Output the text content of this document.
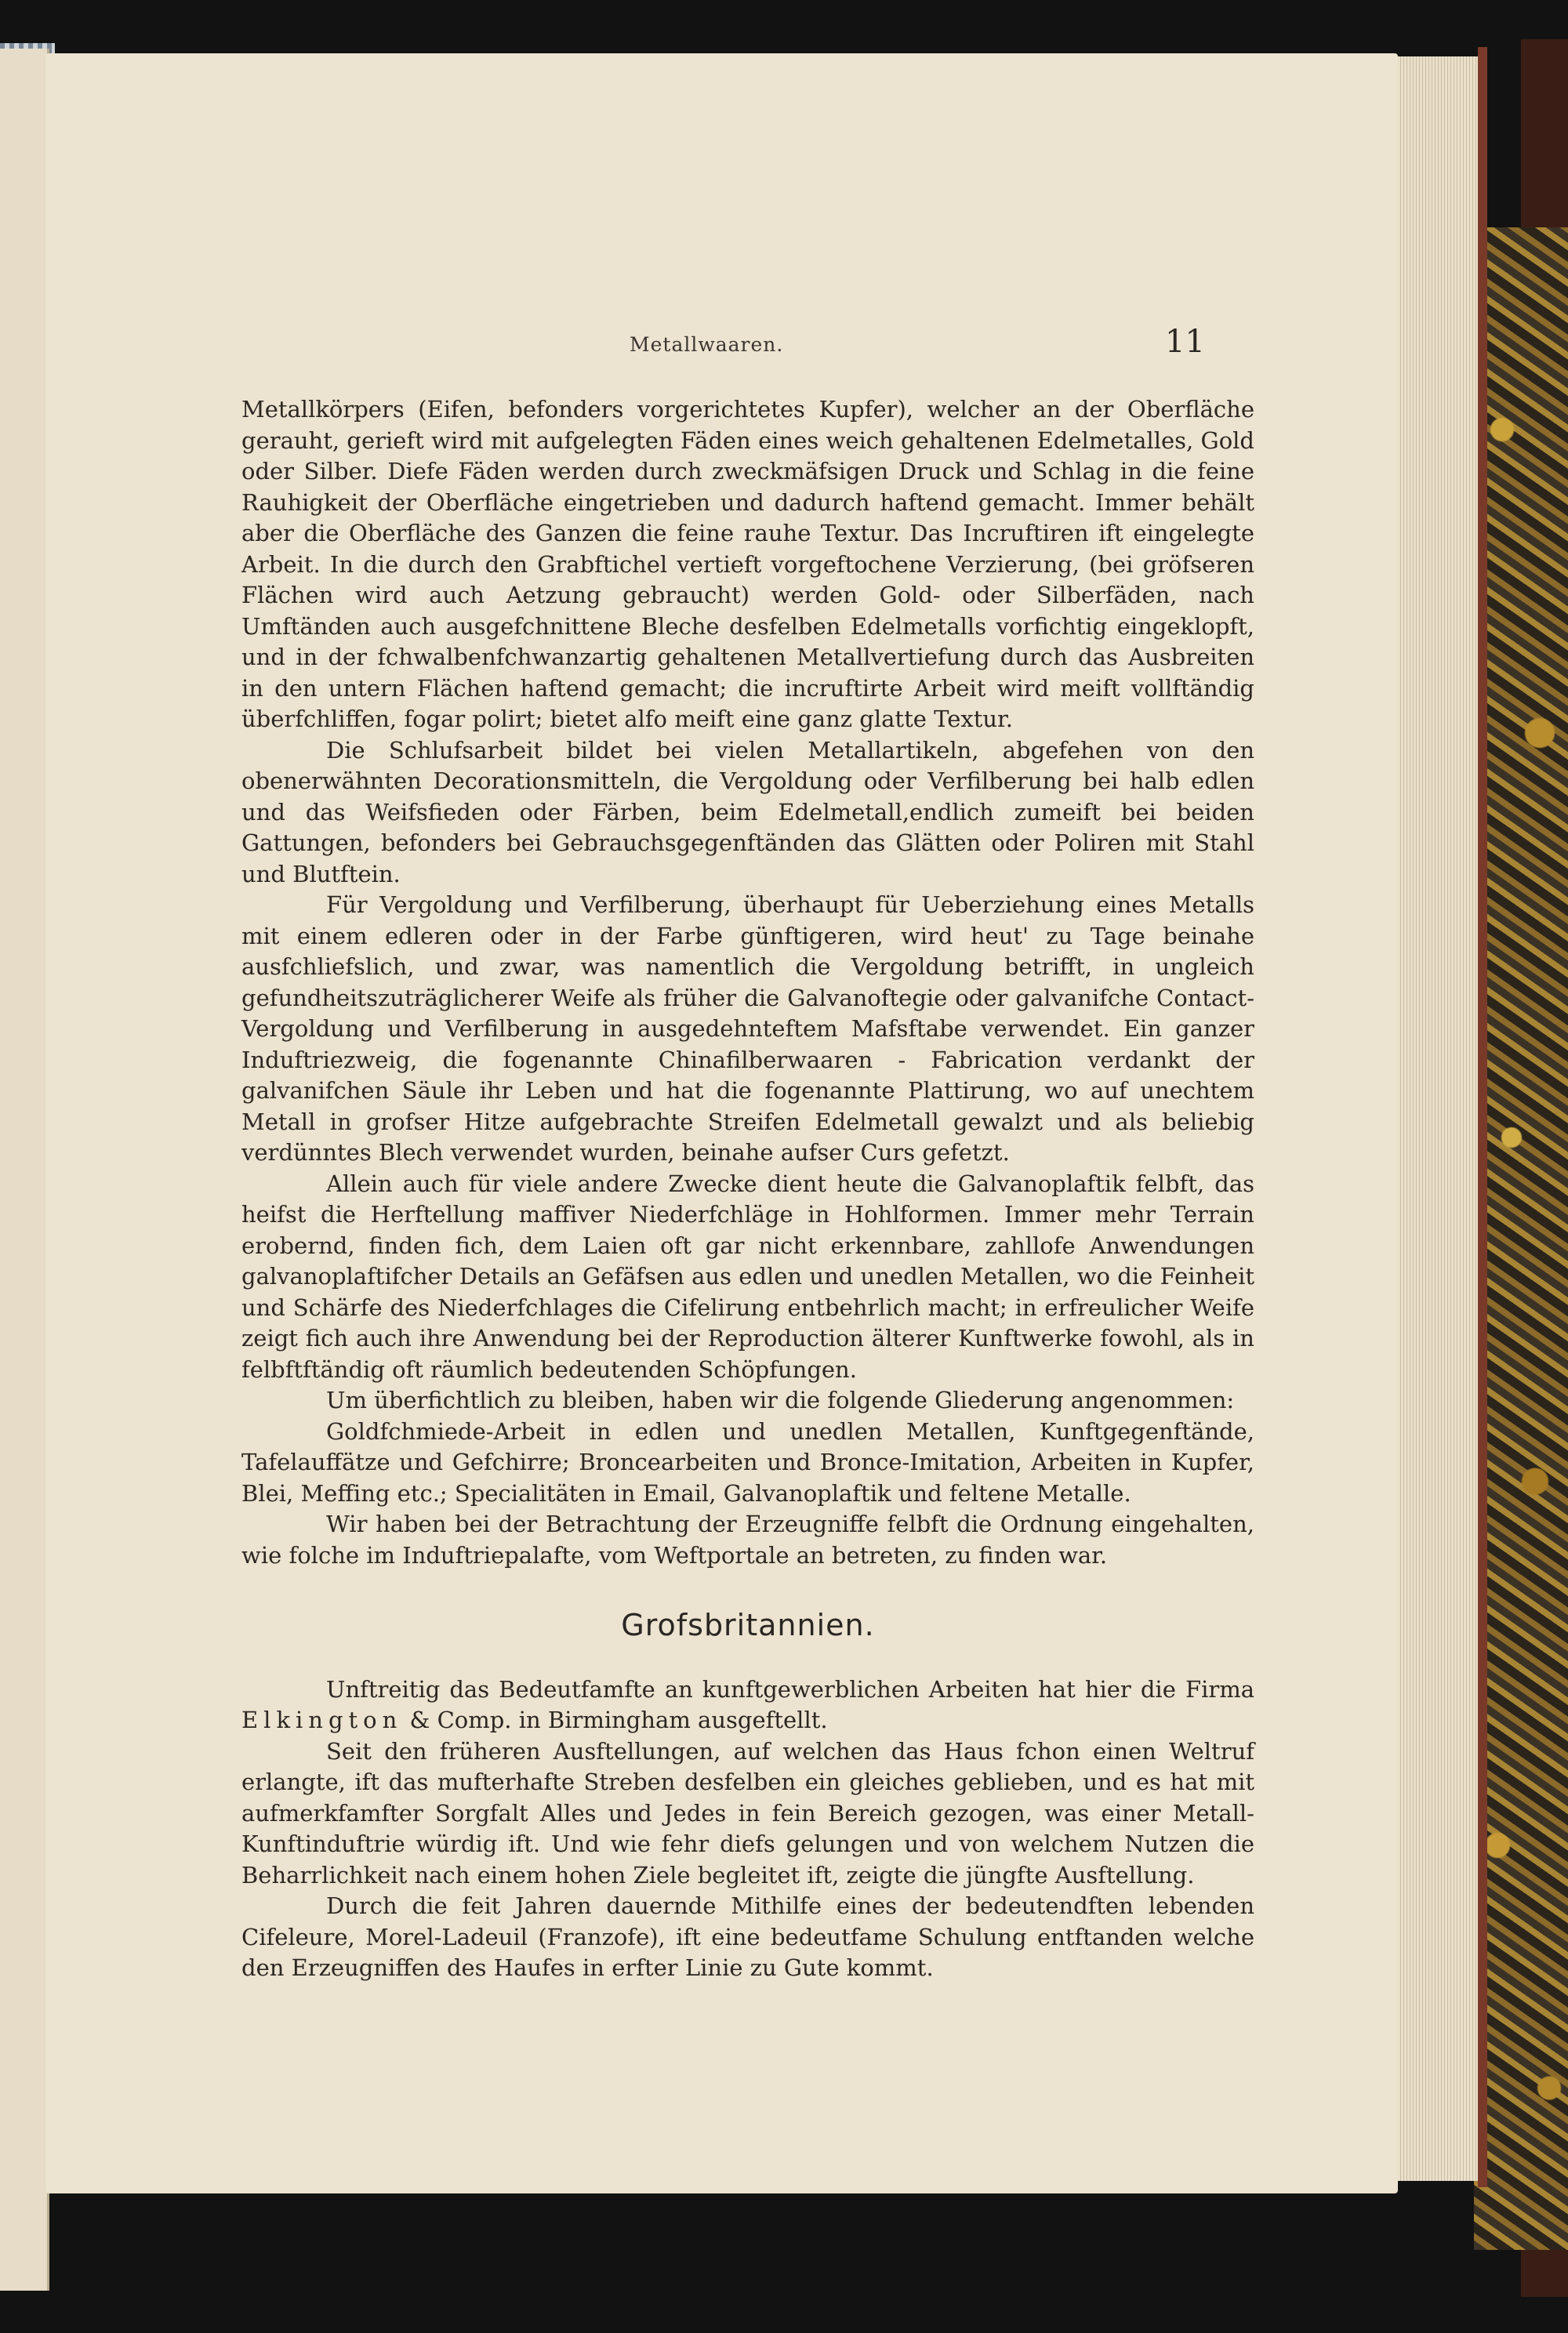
Metallwaaren.	11

Metallkörpers (Eifen, befonders vorgerichtetes Kupfer), welcher an der Oberfläche gerauht, gerieft wird mit aufgelegten Fäden eines weich gehaltenen Edelmetalles, Gold oder Silber. Diefe Fäden werden durch zweckmäfsigen Druck und Schlag in die feine Rauhigkeit der Oberfläche eingetrieben und dadurch haftend gemacht. Immer behält aber die Oberfläche des Ganzen die feine rauhe Textur. Das Incruftiren ift eingelegte Arbeit. In die durch den Grabftichel vertieft vorgeftochene Verzierung, (bei gröfseren Flächen wird auch Aetzung gebraucht) werden Gold- oder Silberfäden, nach Umftänden auch ausgefchnittene Bleche desfelben Edelmetalls vorfichtig eingeklopft, und in der fchwalbenfchwanzartig gehaltenen Metallvertiefung durch das Ausbreiten in den untern Flächen haftend gemacht; die incruftirte Arbeit wird meift vollftändig überfchliffen, fogar polirt; bietet alfo meift eine ganz glatte Textur.

Die Schlufsarbeit bildet bei vielen Metallartikeln, abgefehen von den obenerwähnten Decorationsmitteln, die Vergoldung oder Verfilberung bei halb edlen und das Weifsfieden oder Färben, beim Edelmetall,endlich zumeift bei beiden Gattungen, befonders bei Gebrauchsgegenftänden das Glätten oder Poliren mit Stahl und Blutftein.

Für Vergoldung und Verfilberung, überhaupt für Ueberziehung eines Metalls mit einem edleren oder in der Farbe günftigeren, wird heut' zu Tage beinahe ausfchliefslich, und zwar, was namentlich die Vergoldung betrifft, in ungleich gefundheitszuträglicherer Weife als früher die Galvanoftegie oder galvanifche Contact-Vergoldung und Verfilberung in ausgedehnteftem Mafsftabe verwendet. Ein ganzer Induftriezweig, die fogenannte Chinafilberwaaren - Fabrication verdankt der galvanifchen Säule ihr Leben und hat die fogenannte Plattirung, wo auf unechtem Metall in grofser Hitze aufgebrachte Streifen Edelmetall gewalzt und als beliebig verdünntes Blech verwendet wurden, beinahe aufser Curs gefetzt.

Allein auch für viele andere Zwecke dient heute die Galvanoplaftik felbft, das heifst die Herftellung maffiver Niederfchläge in Hohlformen. Immer mehr Terrain erobernd, finden fich, dem Laien oft gar nicht erkennbare, zahllofe Anwendungen galvanoplaftifcher Details an Gefäfsen aus edlen und unedlen Metallen, wo die Feinheit und Schärfe des Niederfchlages die Cifelirung entbehrlich macht; in erfreulicher Weife zeigt fich auch ihre Anwendung bei der Reproduction älterer Kunftwerke fowohl, als in felbftftändig oft räumlich bedeutenden Schöpfungen.

Um überfichtlich zu bleiben, haben wir die folgende Gliederung angenommen:

Goldfchmiede-Arbeit in edlen und unedlen Metallen, Kunftgegenftände, Tafelauffätze und Gefchirre; Broncearbeiten und Bronce-Imitation, Arbeiten in Kupfer, Blei, Meffing etc.; Specialitäten in Email, Galvanoplaftik und feltene Metalle.

Wir haben bei der Betrachtung der Erzeugniffe felbft die Ordnung eingehalten, wie folche im Induftriepalafte, vom Weftportale an betreten, zu finden war.

Grofsbritannien.

Unftreitig das Bedeutfamfte an kunftgewerblichen Arbeiten hat hier die Firma Elkington & Comp. in Birmingham ausgeftellt.

Seit den früheren Ausftellungen, auf welchen das Haus fchon einen Weltruf erlangte, ift das mufterhafte Streben desfelben ein gleiches geblieben, und es hat mit aufmerkfamfter Sorgfalt Alles und Jedes in fein Bereich gezogen, was einer Metall-Kunftinduftrie würdig ift. Und wie fehr diefs gelungen und von welchem Nutzen die Beharrlichkeit nach einem hohen Ziele begleitet ift, zeigte die jüngfte Ausftellung.

Durch die feit Jahren dauernde Mithilfe eines der bedeutendften lebenden Cifeleure, Morel-Ladeuil (Franzofe), ift eine bedeutfame Schulung entftanden welche den Erzeugniffen des Haufes in erfter Linie zu Gute kommt.
